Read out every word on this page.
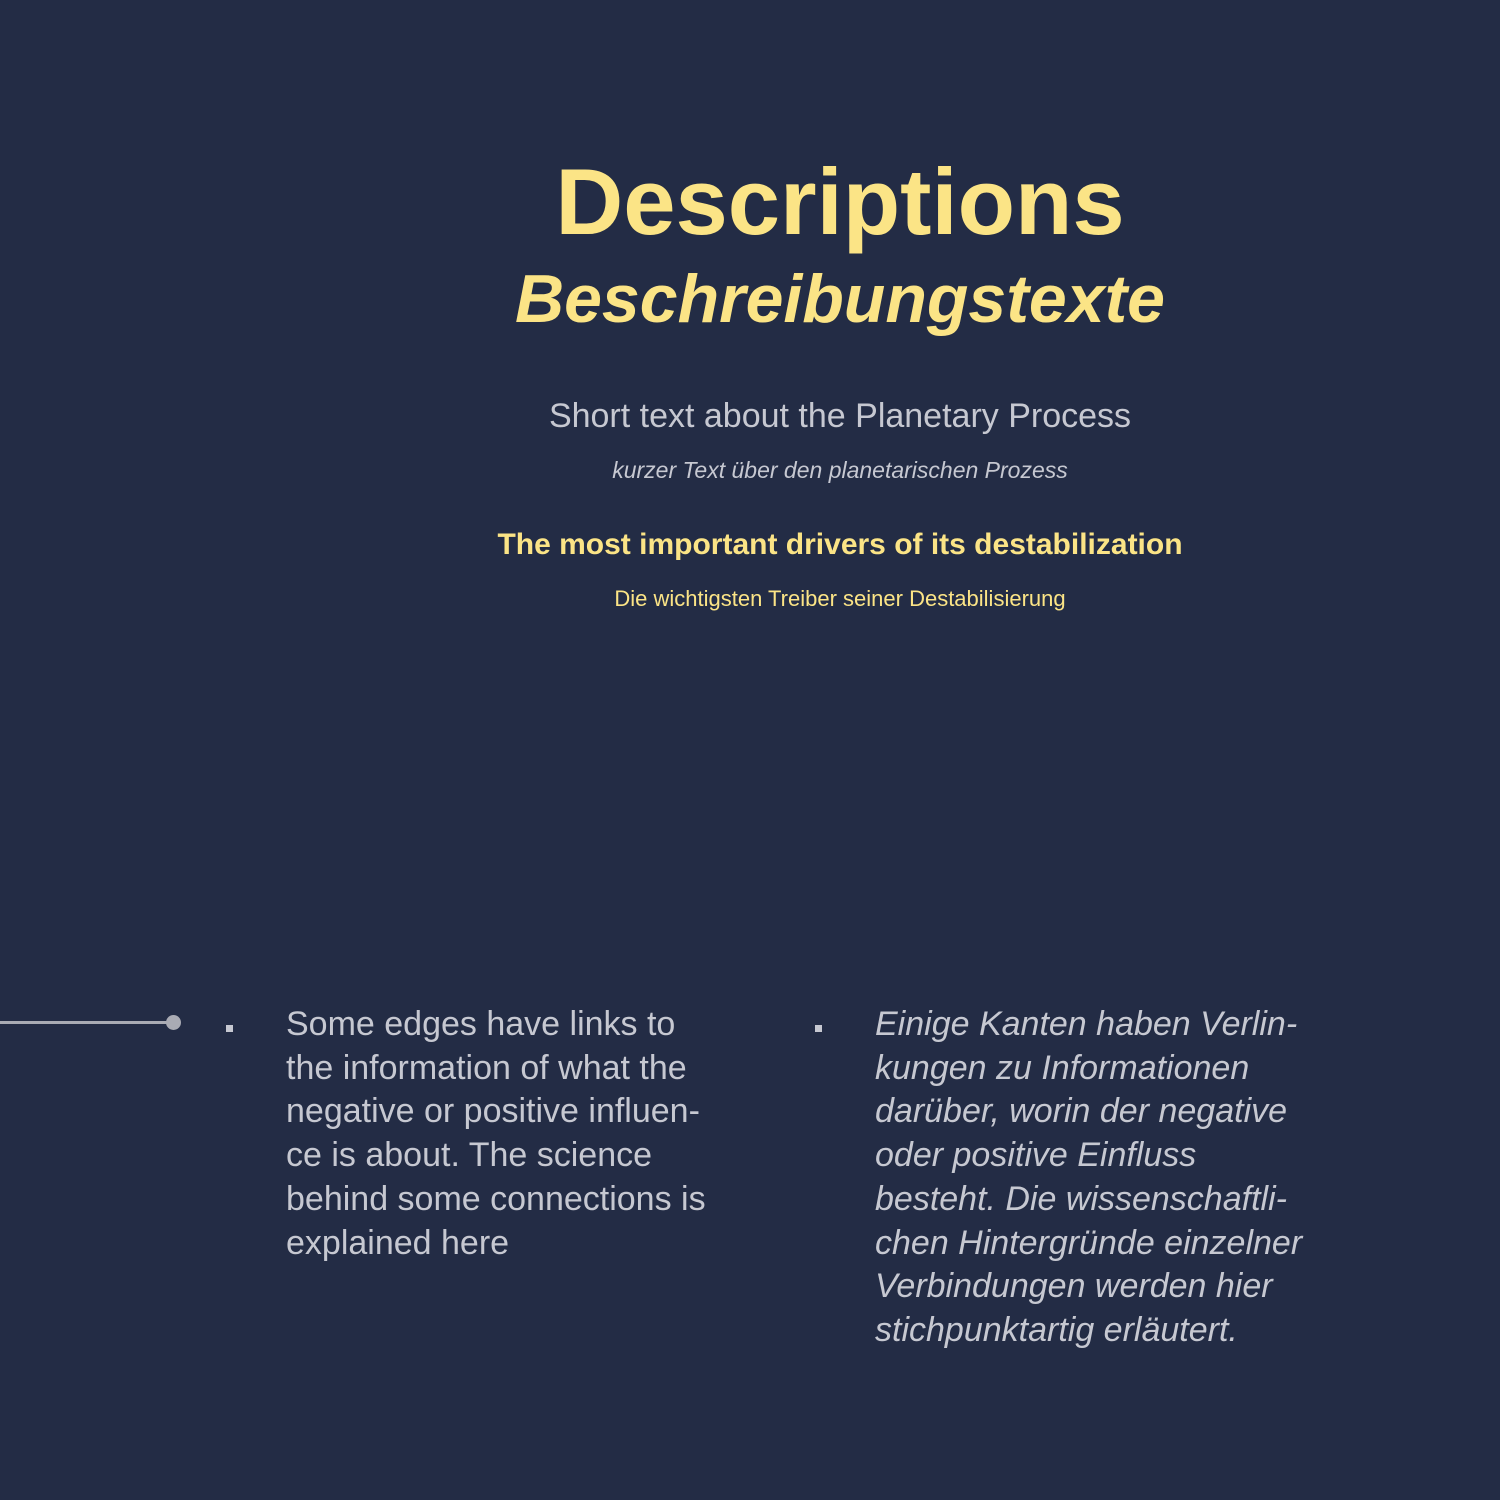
Descriptions
Beschreibungstexte
Short text about the Planetary Process
kurzer Text über den planetarischen Prozess
The most important drivers of its destabilization
Die wichtigsten Treiber seiner Destabilisierung
Some edges have links to
the information of what the
negative or positive influen-
ce is about. The science
behind some connections is
explained here
Einige Kanten haben Verlin-
kungen zu Informationen
darüber, worin der negative
oder positive Einfluss
besteht. Die wissenschaftli-
chen Hintergründe einzelner
Verbindungen werden hier
stichpunktartig erläutert.
